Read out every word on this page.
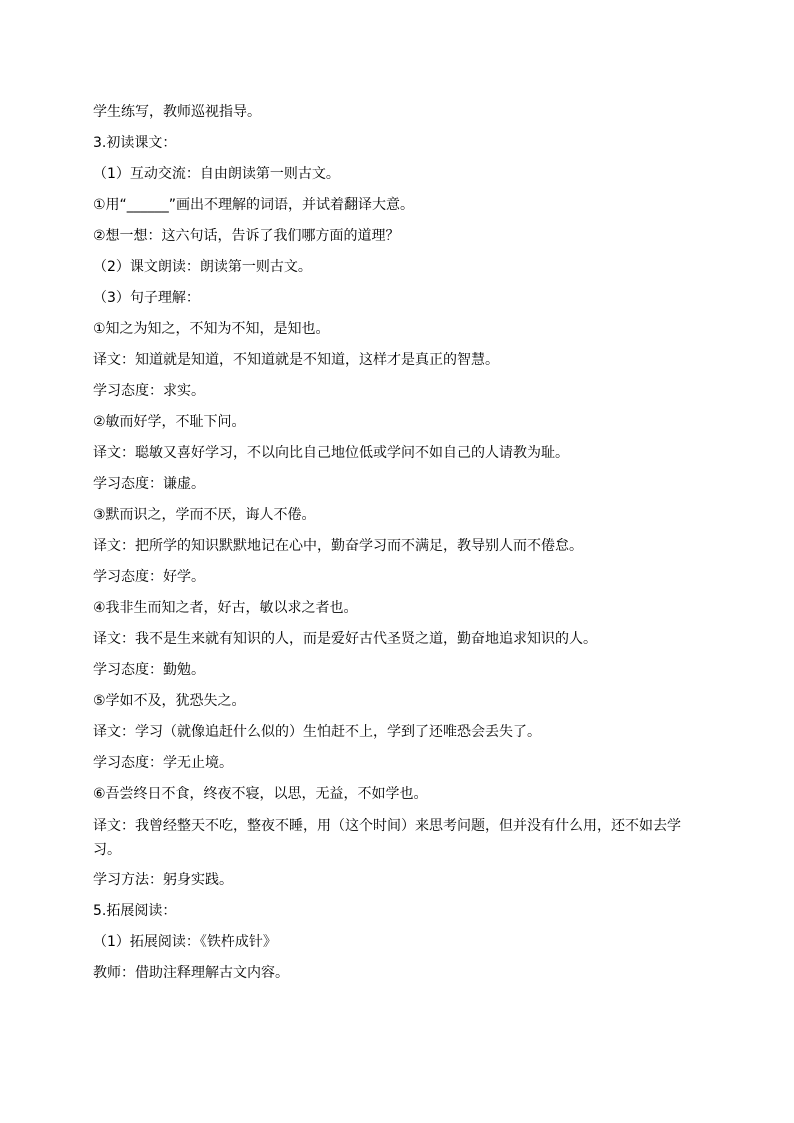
学生练写，教师巡视指导。
3.初读课文：
（1）互动交流：自由朗读第一则古文。
①用“______”画出不理解的词语，并试着翻译大意。
②想一想：这六句话，告诉了我们哪方面的道理？
（2）课文朗读：朗读第一则古文。
（3）句子理解：
①知之为知之，不知为不知，是知也。
译文：知道就是知道，不知道就是不知道，这样才是真正的智慧。
学习态度：求实。
②敏而好学，不耻下问。
译文：聪敏又喜好学习，不以向比自己地位低或学问不如自己的人请教为耻。
学习态度：谦虚。
③默而识之，学而不厌，诲人不倦。
译文：把所学的知识默默地记在心中，勤奋学习而不满足，教导别人而不倦怠。
学习态度：好学。
④我非生而知之者，好古，敏以求之者也。
译文：我不是生来就有知识的人，而是爱好古代圣贤之道，勤奋地追求知识的人。
学习态度：勤勉。
⑤学如不及，犹恐失之。
译文：学习（就像追赶什么似的）生怕赶不上，学到了还唯恐会丢失了。
学习态度：学无止境。
⑥吾尝终日不食，终夜不寝，以思，无益，不如学也。
译文：我曾经整天不吃，整夜不睡，用（这个时间）来思考问题，但并没有什么用，还不如去学习。
学习方法：躬身实践。
5.拓展阅读：
（1）拓展阅读：《铁杵成针》
教师：借助注释理解古文内容。
